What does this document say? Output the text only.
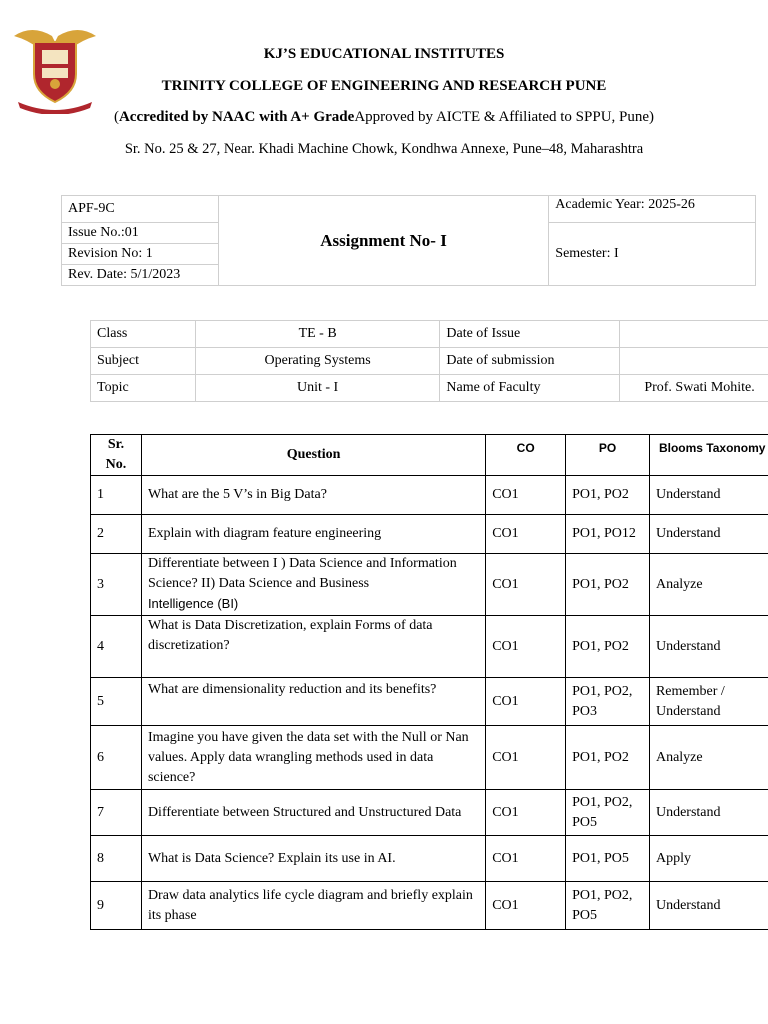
KJ’S EDUCATIONAL INSTITUTES
TRINITY COLLEGE OF ENGINEERING AND RESEARCH PUNE
(Accredited by NAAC with A+ GradeApproved by AICTE & Affiliated to SPPU, Pune)
Sr. No. 25 & 27, Near. Khadi Machine Chowk, Kondhwa Annexe, Pune–48, Maharashtra
APF-9C	Assignment No- I	Academic Year: 2025-26
Issue No.:01		Semester: I
Revision No: 1		
Rev. Date: 5/1/2023		
Class	TE - B	Date of Issue	
Subject	Operating Systems	Date of submission	
Topic	Unit - I	Name of Faculty	Prof. Swati Mohite.
Sr. No.	Question	CO	PO	Blooms Taxonomy
1	What are the 5 V’s in Big Data?	CO1	PO1, PO2	Understand
2	Explain with diagram feature engineering	CO1	PO1, PO12	Understand
3	Differentiate between I ) Data Science and Information Science? II) Data Science and Business
Intelligence (BI)	CO1	PO1, PO2	Analyze
4	What is Data Discretization, explain Forms of data discretization?	CO1	PO1, PO2	Understand
5	What are dimensionality reduction and its benefits?	CO1	PO1, PO2, PO3	Remember / Understand
6	Imagine you have given the data set with the Null or Nan values. Apply data wrangling methods used in data science?	CO1	PO1, PO2	Analyze
7	Differentiate between Structured and Unstructured Data	CO1	PO1, PO2, PO5	Understand
8	What is Data Science? Explain its use in AI.	CO1	PO1, PO5	Apply
9	Draw data analytics life cycle diagram and briefly explain its phase	CO1	PO1, PO2, PO5	Understand
